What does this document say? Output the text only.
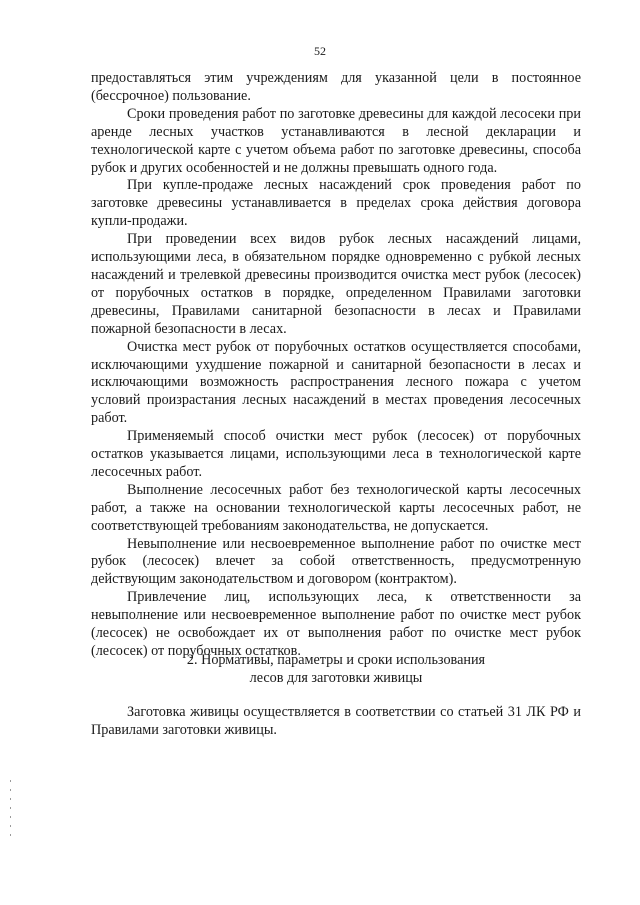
52

предоставляться этим учреждениям для указанной цели в постоянное (бессрочное) пользование.

Сроки проведения работ по заготовке древесины для каждой лесосеки при аренде лесных участков устанавливаются в лесной декларации и технологической карте с учетом объема работ по заготовке древесины, способа рубок и других особенностей и не должны превышать одного года.

При купле-продаже лесных насаждений срок проведения работ по заготовке древесины устанавливается в пределах срока действия договора купли-продажи.

При проведении всех видов рубок лесных насаждений лицами, использующими леса, в обязательном порядке одновременно с рубкой лесных насаждений и трелевкой древесины производится очистка мест рубок (лесосек) от порубочных остатков в порядке, определенном Правилами заготовки древесины, Правилами санитарной безопасности в лесах и Правилами пожарной безопасности в лесах.

Очистка мест рубок от порубочных остатков осуществляется способами, исключающими ухудшение пожарной и санитарной безопасности в лесах и исключающими возможность распространения лесного пожара с учетом условий произрастания лесных насаждений в местах проведения лесосечных работ.

Применяемый способ очистки мест рубок (лесосек) от порубочных остатков указывается лицами, использующими леса в технологической карте лесосечных работ.

Выполнение лесосечных работ без технологической карты лесосечных работ, а также на основании технологической карты лесосечных работ, не соответствующей требованиям законодательства, не допускается.

Невыполнение или несвоевременное выполнение работ по очистке мест рубок (лесосек) влечет за собой ответственность, предусмотренную действующим законодательством и договором (контрактом).

Привлечение лиц, использующих леса, к ответственности за невыполнение или несвоевременное выполнение работ по очистке мест рубок (лесосек) не освобождает их от выполнения работ по очистке мест рубок (лесосек) от порубочных остатков.

2. Нормативы, параметры и сроки использования
лесов для заготовки живицы

Заготовка живицы осуществляется в соответствии со статьей 31 ЛК РФ и Правилами заготовки живицы.
